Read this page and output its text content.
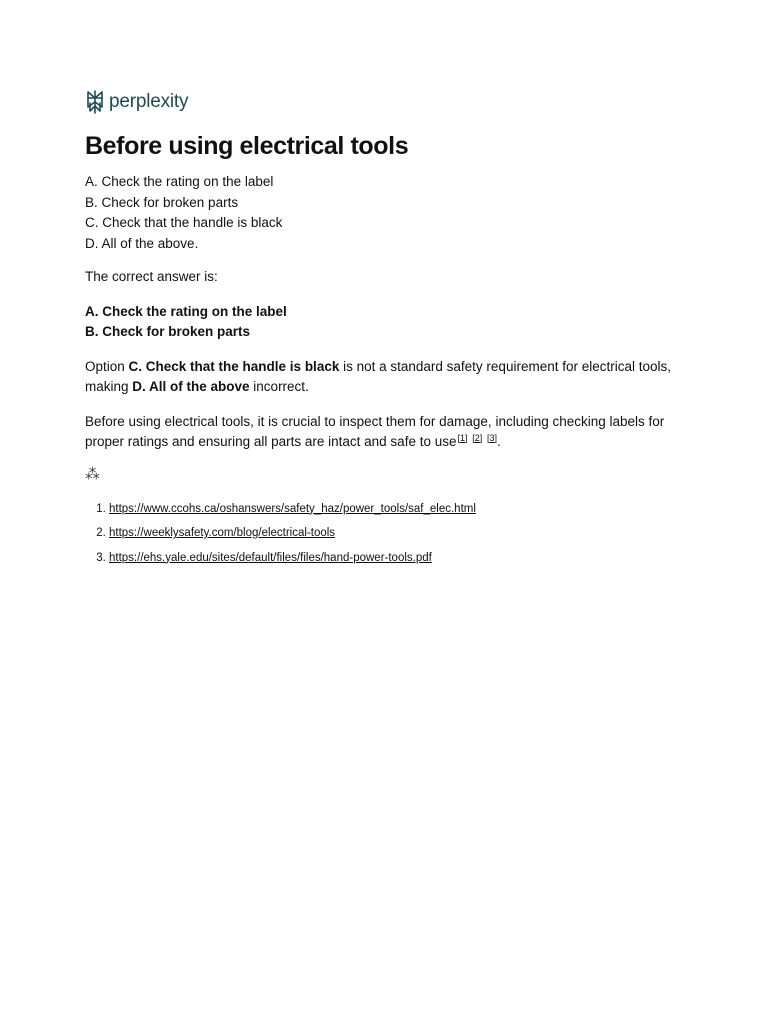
perplexity
Before using electrical tools
A. Check the rating on the label
B. Check for broken parts
C. Check that the handle is black
D. All of the above.

The correct answer is:

A. Check the rating on the label
B. Check for broken parts

Option C. Check that the handle is black is not a standard safety requirement for electrical tools, making D. All of the above incorrect.

Before using electrical tools, it is crucial to inspect them for damage, including checking labels for proper ratings and ensuring all parts are intact and safe to use[1] [2] [3].

⁂
1. https://www.ccohs.ca/oshanswers/safety_haz/power_tools/saf_elec.html
2. https://weeklysafety.com/blog/electrical-tools
3. https://ehs.yale.edu/sites/default/files/files/hand-power-tools.pdf
